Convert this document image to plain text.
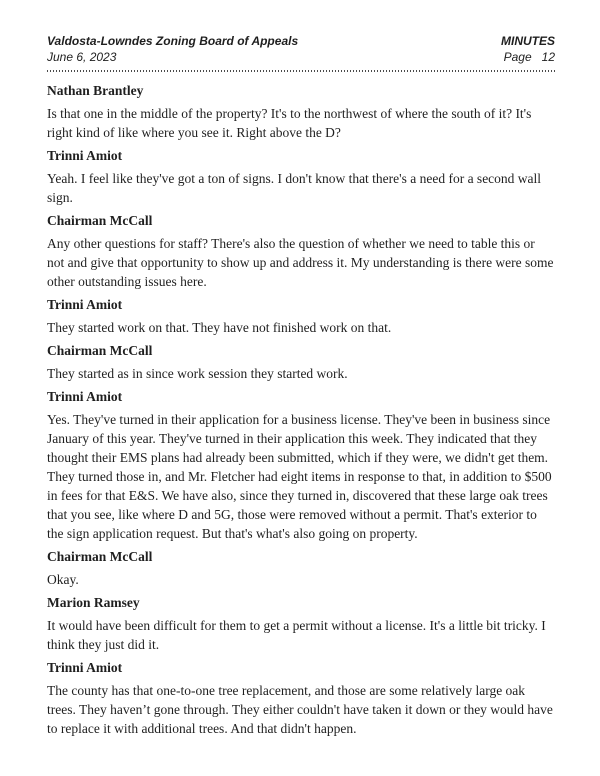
Valdosta-Lowndes Zoning Board of Appeals
June 6, 2023
MINUTES
Page 12
Nathan Brantley

Is that one in the middle of the property? It's to the northwest of where the south of it? It's right kind of like where you see it. Right above the D?

Trinni Amiot

Yeah. I feel like they've got a ton of signs. I don't know that there's a need for a second wall sign.

Chairman McCall

Any other questions for staff? There's also the question of whether we need to table this or not and give that opportunity to show up and address it. My understanding is there were some other outstanding issues here.

Trinni Amiot

They started work on that. They have not finished work on that.

Chairman McCall

They started as in since work session they started work.

Trinni Amiot

Yes. They've turned in their application for a business license. They've been in business since January of this year. They've turned in their application this week. They indicated that they thought their EMS plans had already been submitted, which if they were, we didn't get them. They turned those in, and Mr. Fletcher had eight items in response to that, in addition to $500 in fees for that E&S. We have also, since they turned in, discovered that these large oak trees that you see, like where D and 5G, those were removed without a permit. That's exterior to the sign application request. But that's what's also going on property.

Chairman McCall

Okay.

Marion Ramsey

It would have been difficult for them to get a permit without a license. It's a little bit tricky. I think they just did it.

Trinni Amiot

The county has that one-to-one tree replacement, and those are some relatively large oak trees. They haven’t gone through. They either couldn't have taken it down or they would have to replace it with additional trees. And that didn't happen.
